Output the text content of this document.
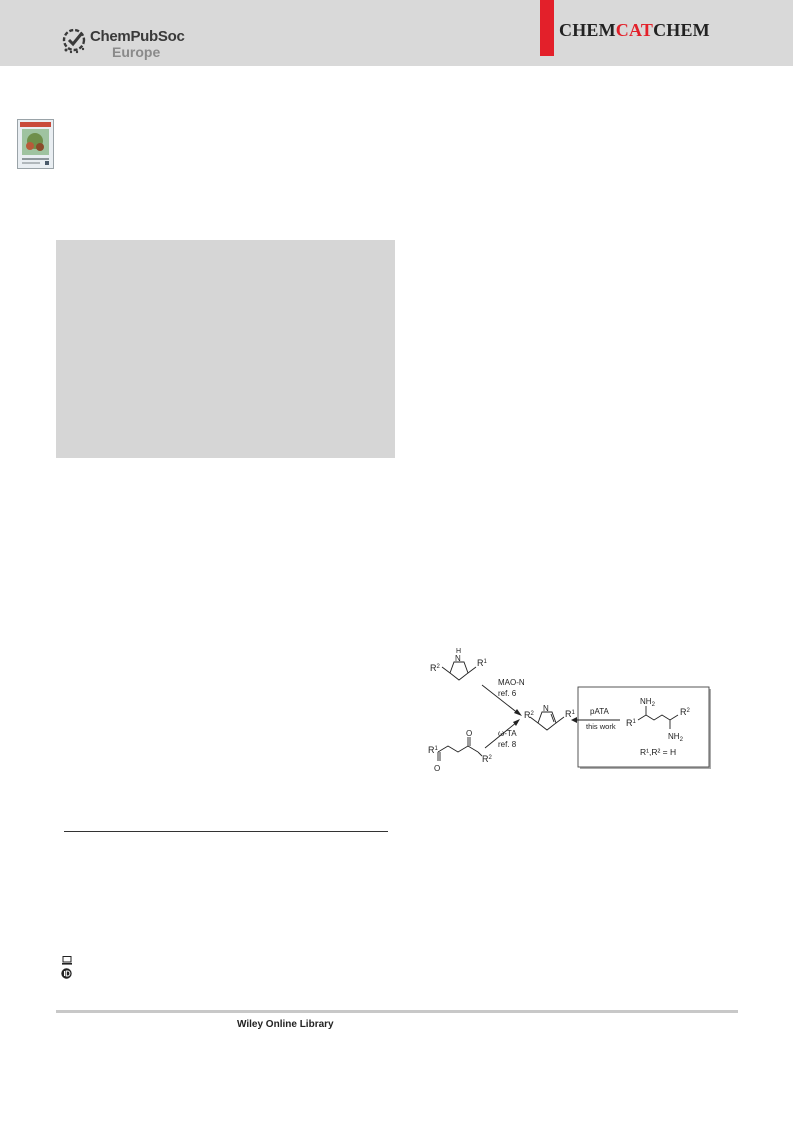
ChemPubSoc
Europe
CHEMCATCHEM
$R^2$
N
H
$R^1$
MAO-N
ref. 6
$R^2$
N
$R^1$
$R^1$
O
O
$R^2$
ω-TA
ref. 8
pATA
this work
$NH_2$
$R^1$
$R^2$
$NH_2$
R¹,R² = H
Wiley Online Library
